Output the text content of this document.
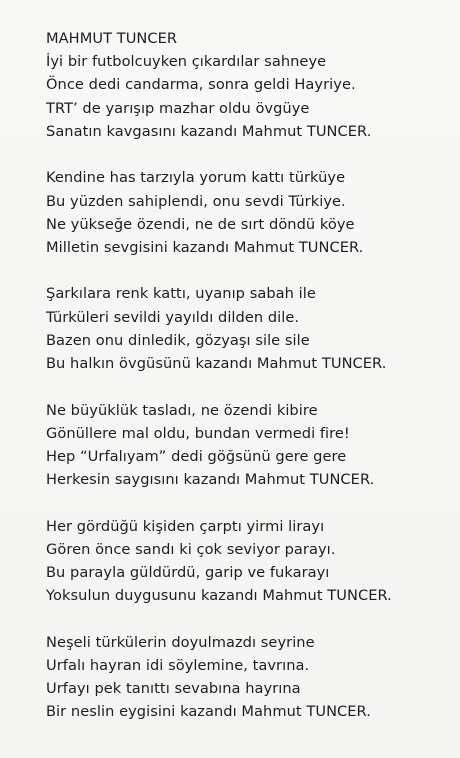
MAHMUT TUNCER
İyi bir futbolcuyken çıkardılar sahneye
Önce dedi candarma, sonra geldi Hayriye.
TRT’ de yarışıp mazhar oldu övgüye
Sanatın kavgasını kazandı Mahmut TUNCER.
Kendine has tarzıyla yorum kattı türküye
Bu yüzden sahiplendi, onu sevdi Türkiye.
Ne yükseğe özendi, ne de sırt döndü köye
Milletin sevgisini kazandı Mahmut TUNCER.
Şarkılara renk kattı, uyanıp sabah ile
Türküleri sevildi yayıldı dilden dile.
Bazen onu dinledik, gözyaşı sile sile
Bu halkın övgüsünü kazandı Mahmut TUNCER.
Ne büyüklük tasladı, ne özendi kibire
Gönüllere mal oldu, bundan vermedi fire!
Hep “Urfalıyam” dedi göğsünü gere gere
Herkesin saygısını kazandı Mahmut TUNCER.
Her gördüğü kişiden çarptı yirmi lirayı
Gören önce sandı ki çok seviyor parayı.
Bu parayla güldürdü, garip ve fukarayı
Yoksulun duygusunu kazandı Mahmut TUNCER.
Neşeli türkülerin doyulmazdı seyrine
Urfalı hayran idi söylemine, tavrına.
Urfayı pek tanıttı sevabına hayrına
Bir neslin eygisini kazandı Mahmut TUNCER.
